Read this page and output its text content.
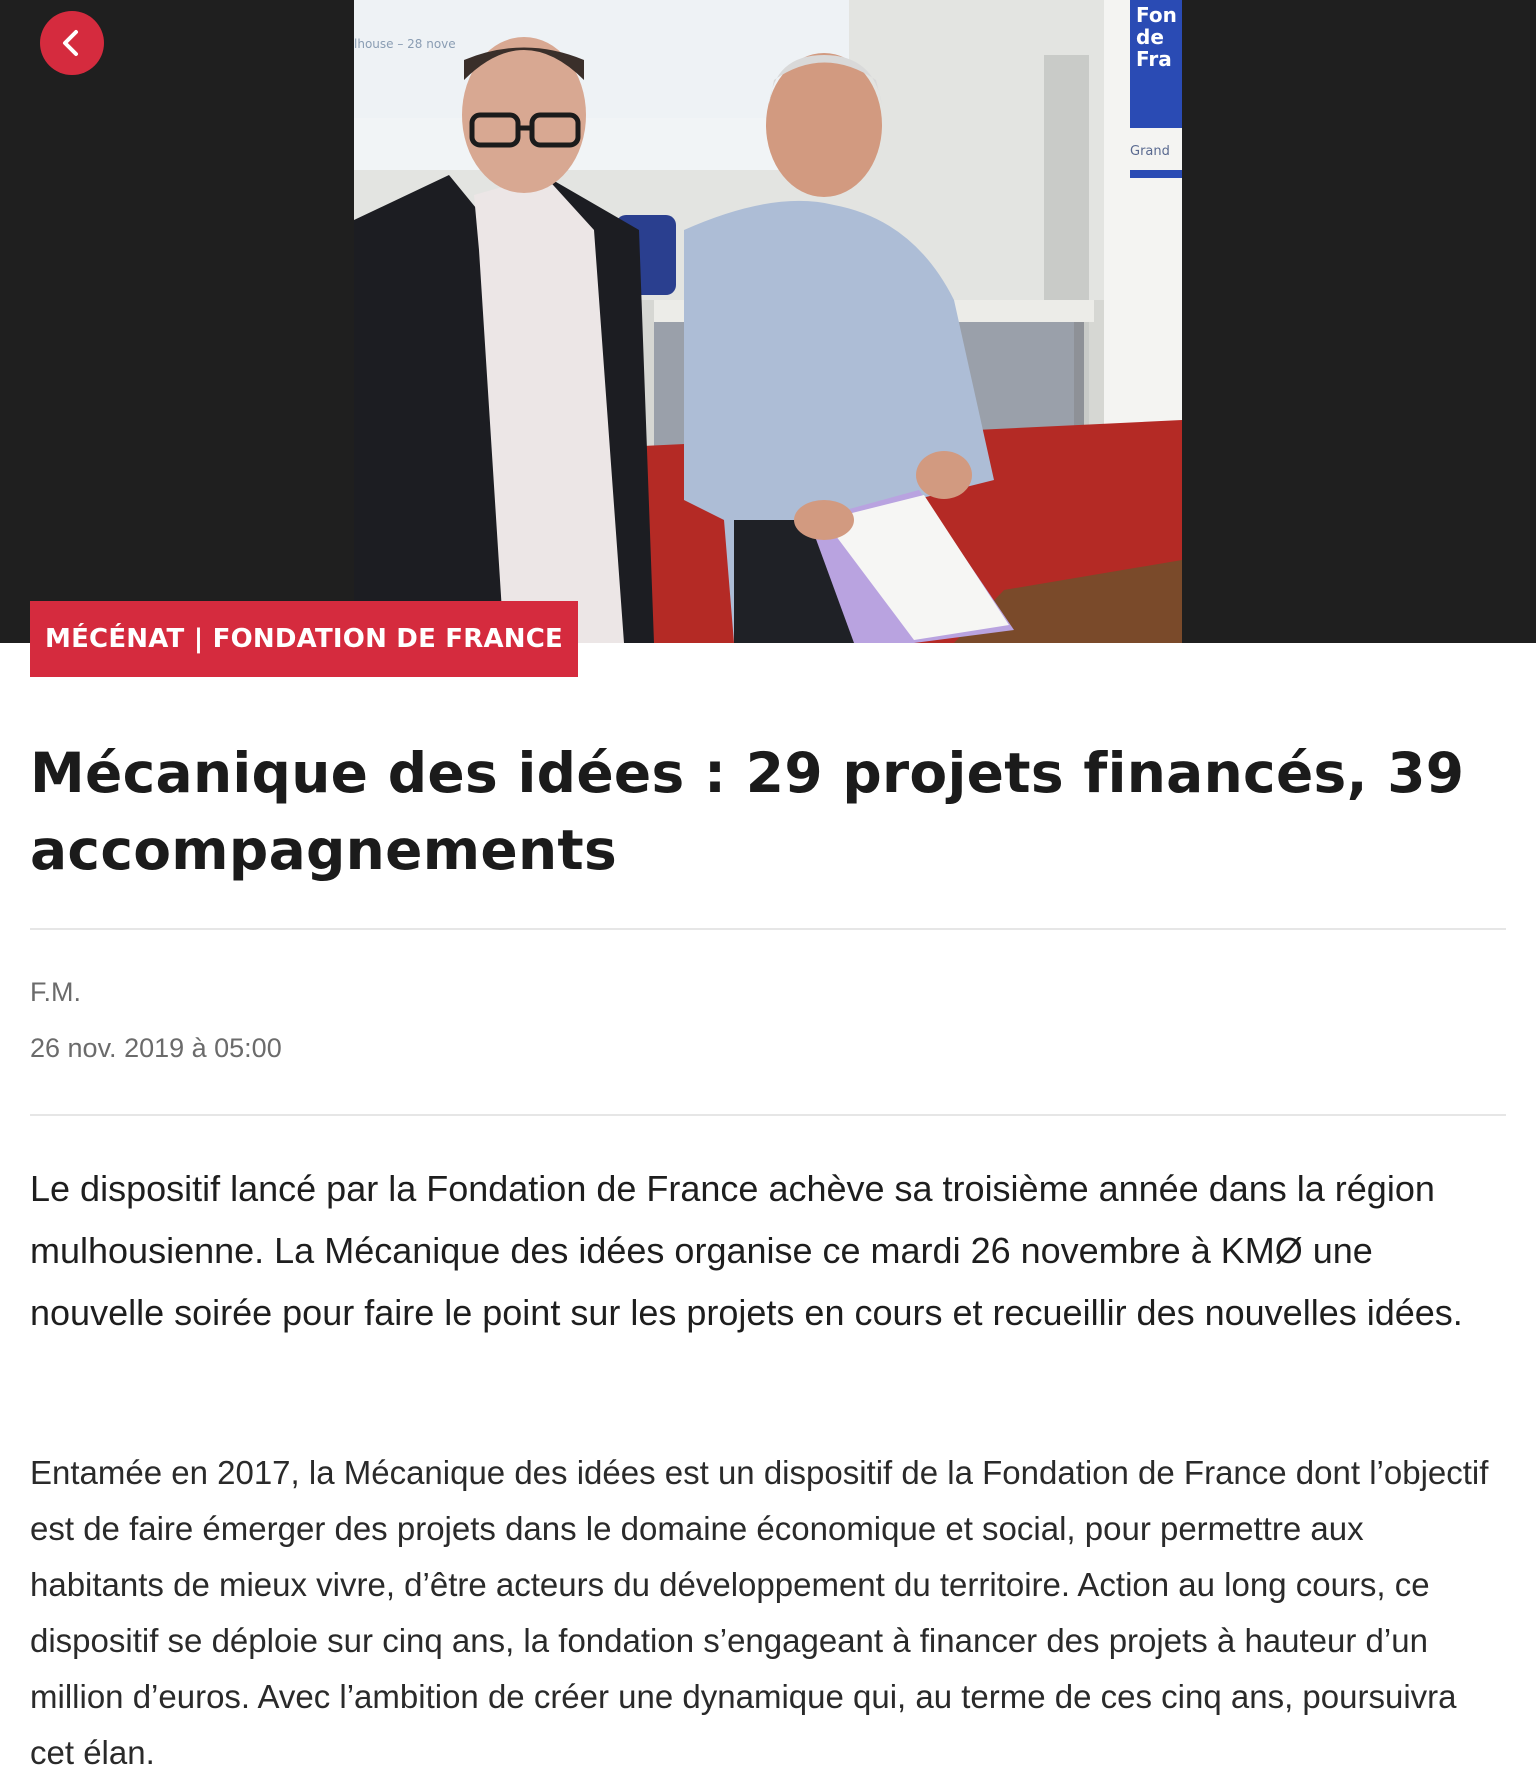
lhouse – 28 nove
Fon
de
Fra
Grand
MÉCÉNAT | FONDATION DE FRANCE
Mécanique des idées : 29 projets financés, 39 accompagnements
F.M.
26 nov. 2019 à 05:00

Le dispositif lancé par la Fondation de France achève sa troisième année dans la région mulhousienne. La Mécanique des idées organise ce mardi 26 novembre à KMØ une nouvelle soirée pour faire le point sur les projets en cours et recueillir des nouvelles idées.

Entamée en 2017, la Mécanique des idées est un dispositif de la Fondation de France dont l’objectif est de faire émerger des projets dans le domaine économique et social, pour permettre aux habitants de mieux vivre, d’être acteurs du développement du territoire. Action au long cours, ce dispositif se déploie sur cinq ans, la fondation s’engageant à financer des projets à hauteur d’un million d’euros. Avec l’ambition de créer une dynamique qui, au terme de ces cinq ans, poursuivra cet élan.
